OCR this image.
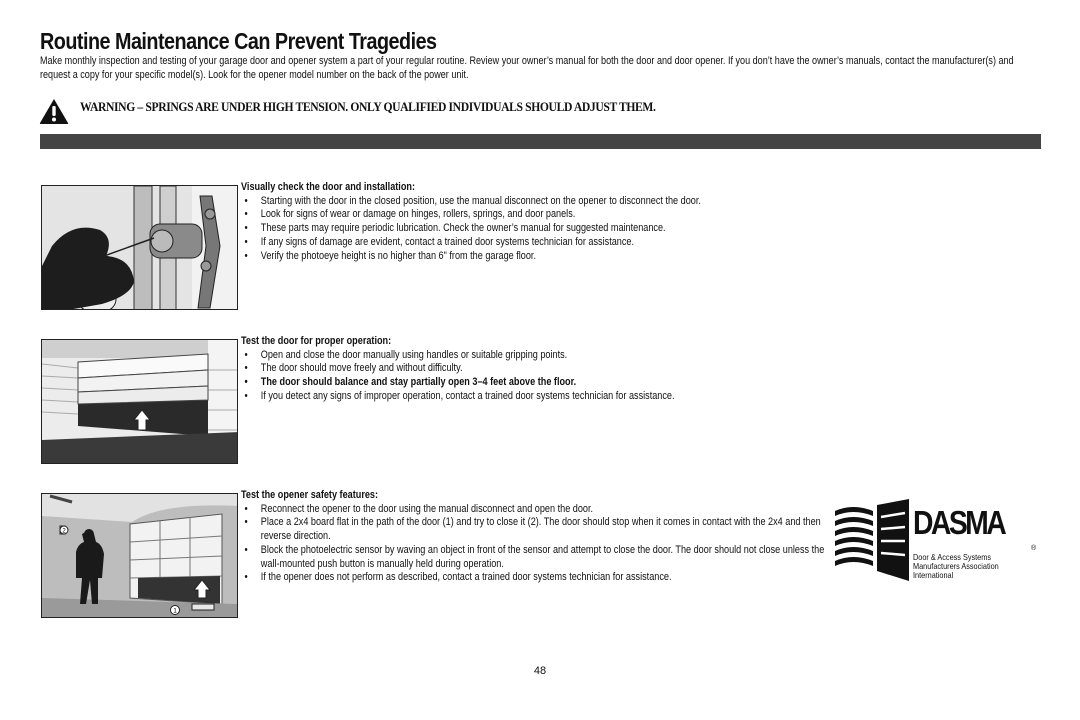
Routine Maintenance Can Prevent Tragedies

Make monthly inspection and testing of your garage door and opener system a part of your regular routine. Review your owner’s manual for both the door and door opener. If you don’t have the owner’s manuals, contact the manufacturer(s) and request a copy for your specific model(s). Look for the opener model number on the back of the power unit.

WARNING – SPRINGS ARE UNDER HIGH TENSION. ONLY QUALIFIED INDIVIDUALS SHOULD ADJUST THEM.

Visually check the door and installation:

• Starting with the door in the closed position, use the manual disconnect on the opener to disconnect the door.
• Look for signs of wear or damage on hinges, rollers, springs, and door panels.
• These parts may require periodic lubrication. Check the owner’s manual for suggested maintenance.
• If any signs of damage are evident, contact a trained door systems technician for assistance.
• Verify the photoeye height is no higher than 6" from the garage floor.

Test the door for proper operation:

• Open and close the door manually using handles or suitable gripping points.
• The door should move freely and without difficulty.
• The door should balance and stay partially open 3–4 feet above the floor.
• If you detect any signs of improper operation, contact a trained door systems technician for assistance.
2
1

Test the opener safety features:

• Reconnect the opener to the door using the manual disconnect and open the door.
• Place a 2x4 board flat in the path of the door (1) and try to close it (2). The door should stop when it comes in contact with the 2x4 and then reverse direction.
• Block the photoelectric sensor by waving an object in front of the sensor and attempt to close the door. The door should not close unless the wall-mounted push button is manually held during operation.
• If the opener does not perform as described, contact a trained door systems technician for assistance.
DASMA
®
Door & Access Systems
Manufacturers Association
International
48
